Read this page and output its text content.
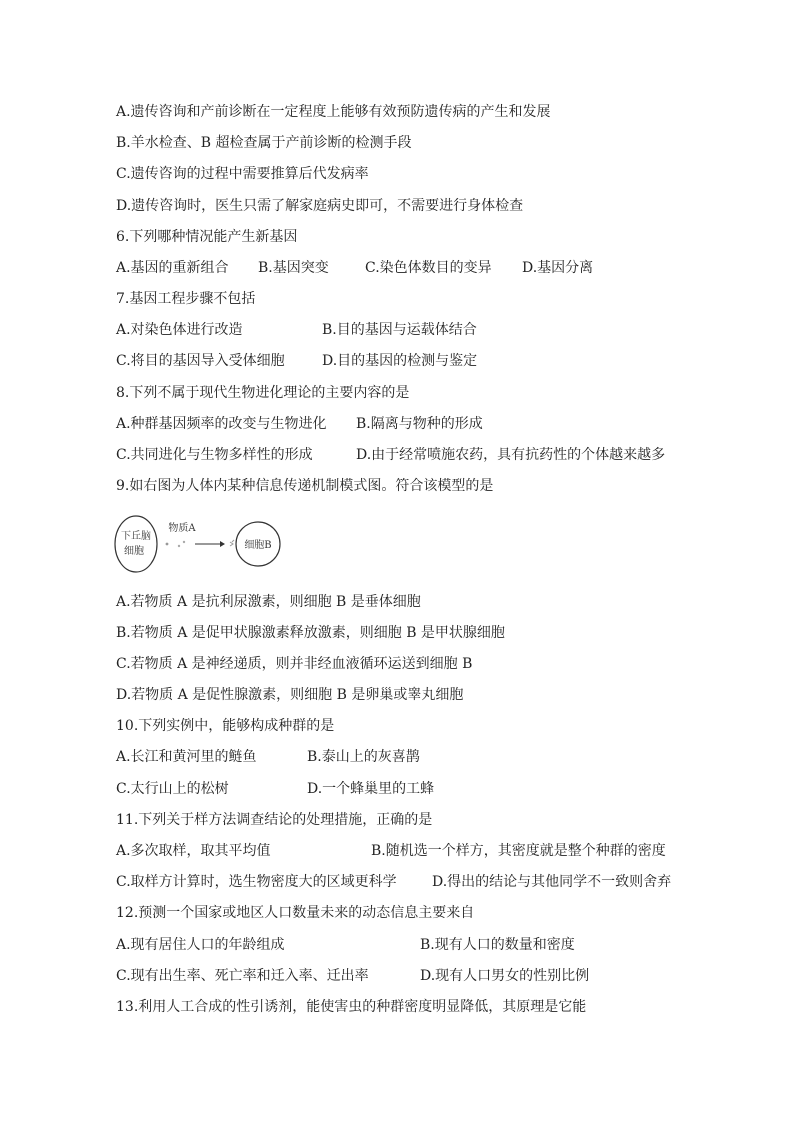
A.遗传咨询和产前诊断在一定程度上能够有效预防遗传病的产生和发展
B.羊水检查、B 超检查属于产前诊断的检测手段
C.遗传咨询的过程中需要推算后代发病率
D.遗传咨询时，医生只需了解家庭病史即可，不需要进行身体检查
6.下列哪种情况能产生新基因
A.基因的重新组合 B.基因突变	C.染色体数目的变异 D.基因分离
7.基因工程步骤不包括
A.对染色体进行改造	B.目的基因与运载体结合
C.将目的基因导入受体细胞	D.目的基因的检测与鉴定
8.下列不属于现代生物进化理论的主要内容的是
A.种群基因频率的改变与生物进化 B.隔离与物种的形成
C.共同进化与生物多样性的形成	D.由于经常喷施农药，具有抗药性的个体越来越多
9.如右图为人体内某种信息传递机制模式图。符合该模型的是
下丘脑
细胞
物质A
细胞B
A.若物质 A 是抗利尿激素，则细胞 B 是垂体细胞
B.若物质 A 是促甲状腺激素释放激素，则细胞 B 是甲状腺细胞
C.若物质 A 是神经递质，则并非经血液循环运送到细胞 B
D.若物质 A 是促性腺激素，则细胞 B 是卵巢或睾丸细胞
10.下列实例中，能够构成种群的是
A.长江和黄河里的鲢鱼	B.泰山上的灰喜鹊
C.太行山上的松树	D.一个蜂巢里的工蜂
11.下列关于样方法调查结论的处理措施，正确的是
A.多次取样，取其平均值	B.随机选一个样方，其密度就是整个种群的密度
C.取样方计算时，选生物密度大的区域更科学	D.得出的结论与其他同学不一致则舍弃
12.预测一个国家或地区人口数量未来的动态信息主要来自
A.现有居住人口的年龄组成	B.现有人口的数量和密度
C.现有出生率、死亡率和迁入率、迁出率	D.现有人口男女的性别比例
13.利用人工合成的性引诱剂，能使害虫的种群密度明显降低，其原理是它能
